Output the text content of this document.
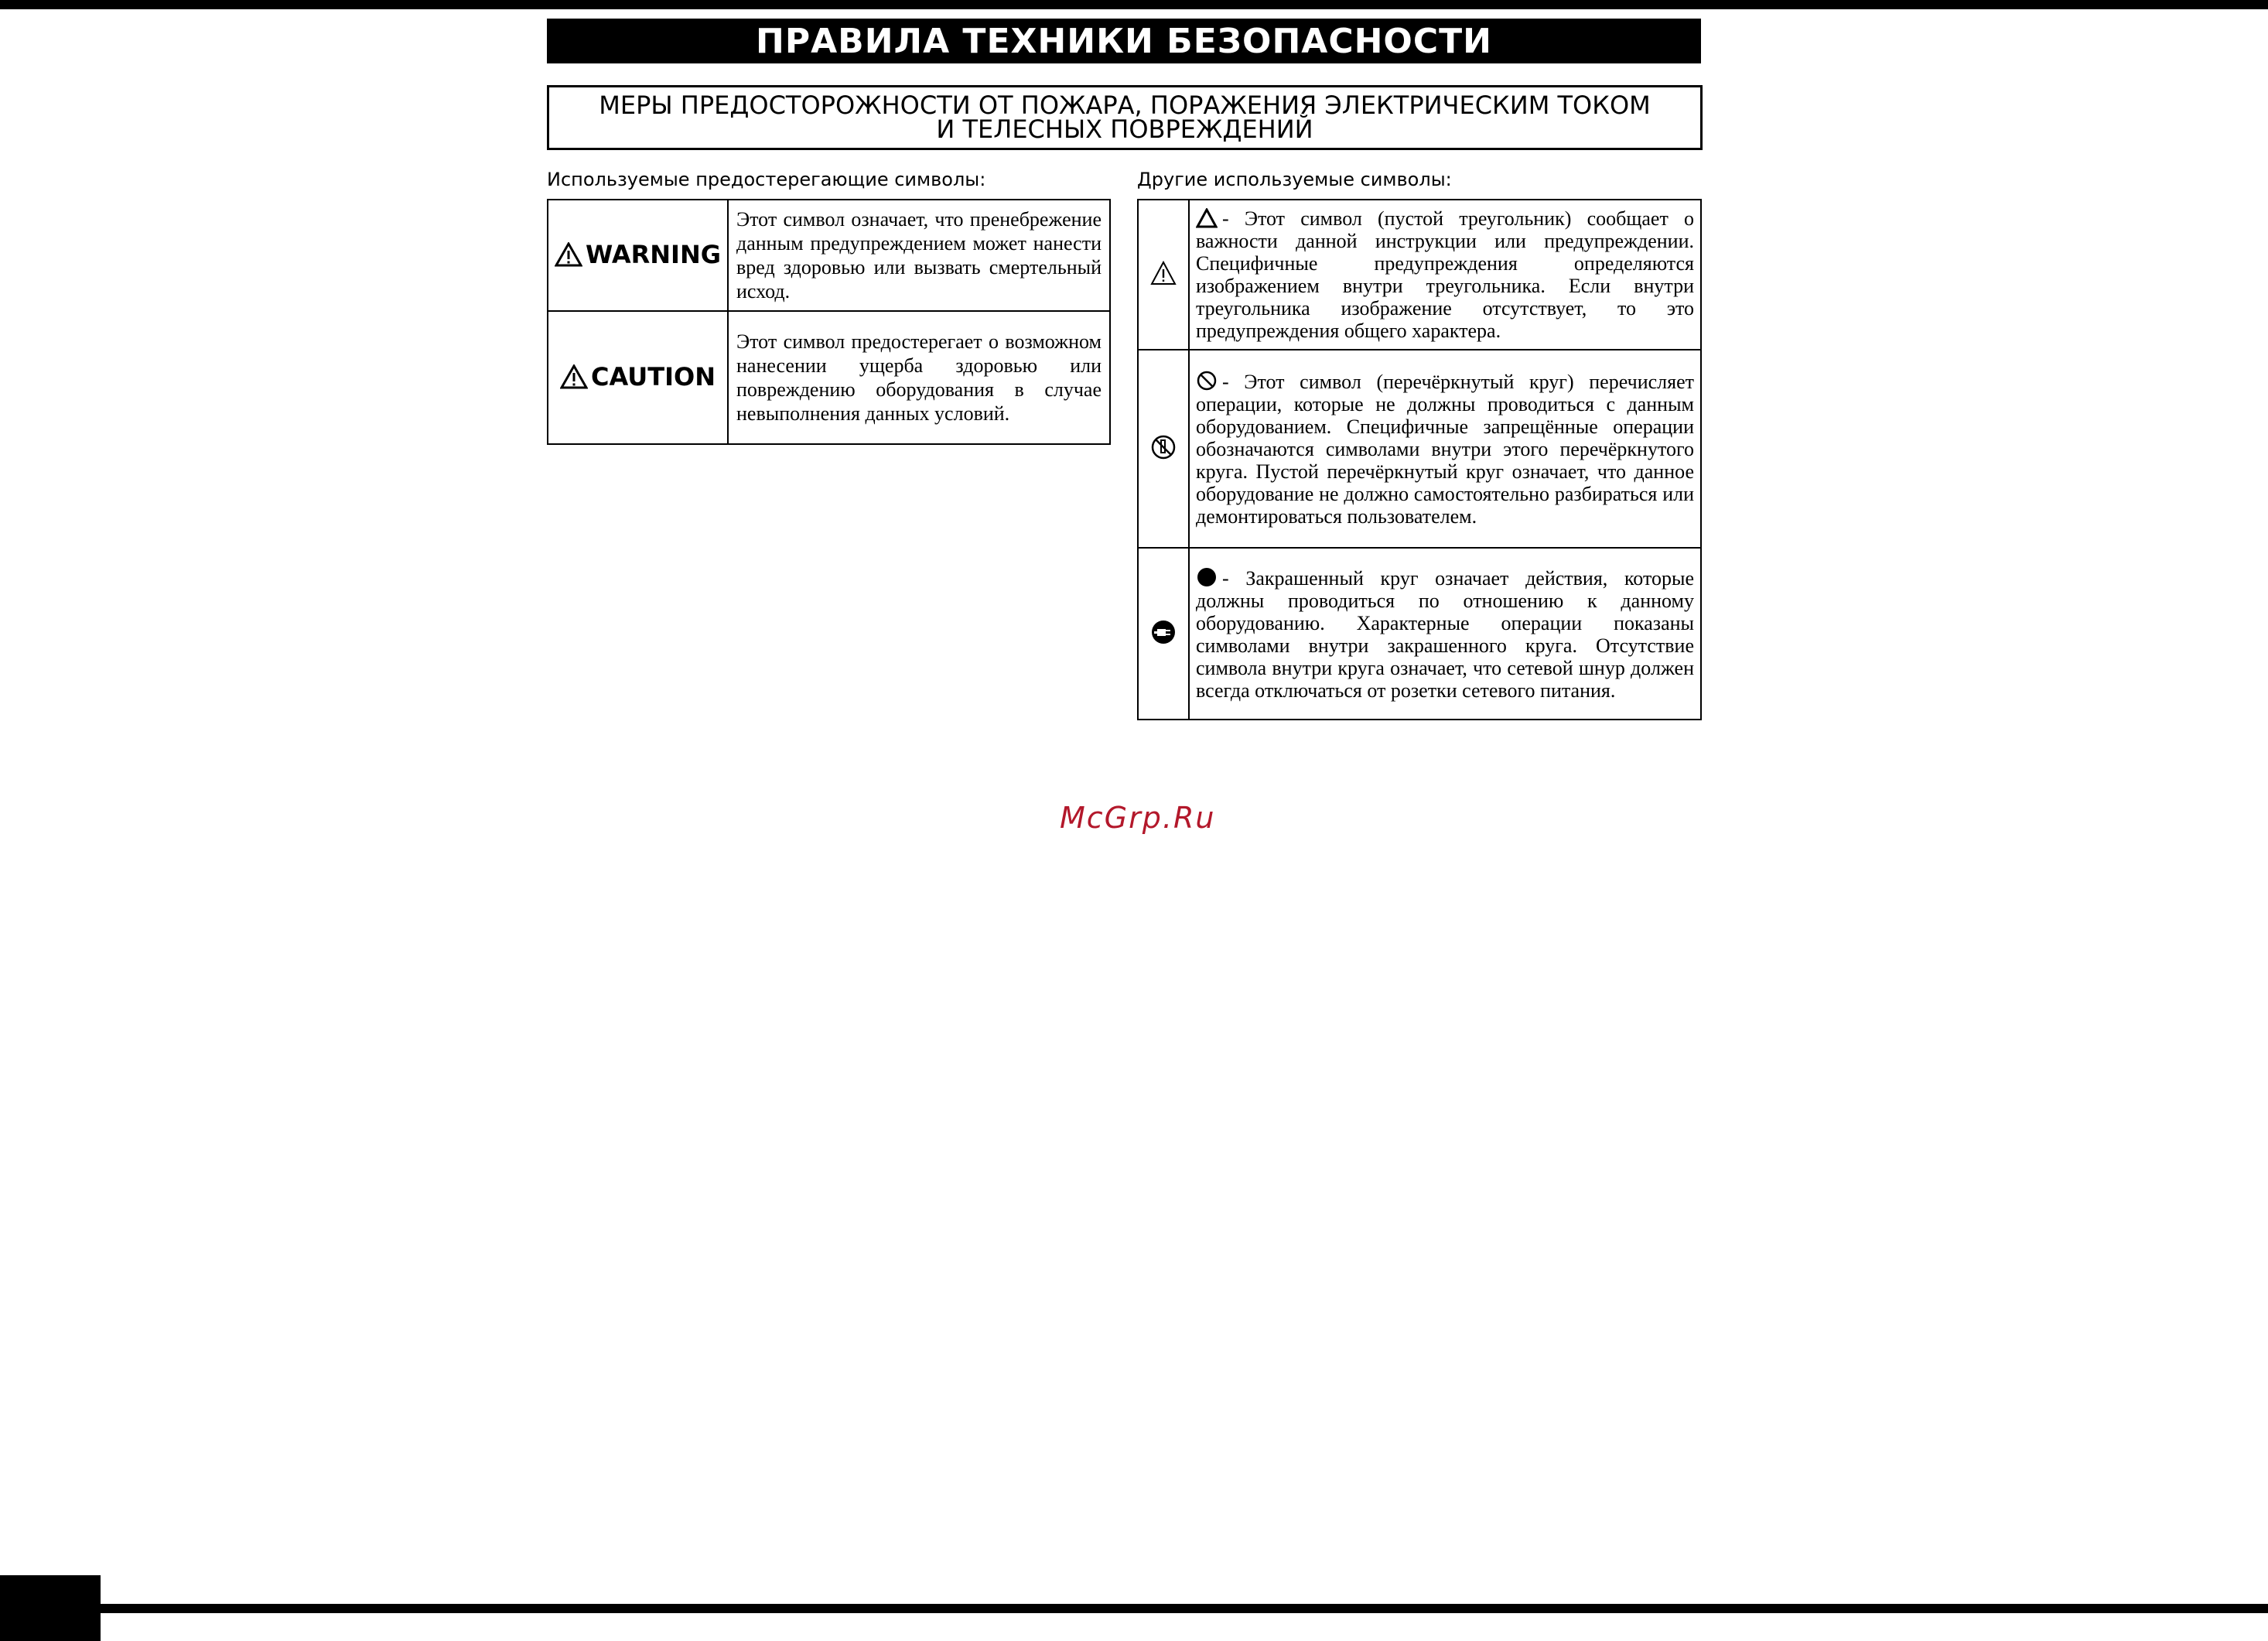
ПРАВИЛА ТЕХНИКИ БЕЗОПАСНОСТИ
МЕРЫ ПРЕДОСТОРОЖНОСТИ ОТ ПОЖАРА, ПОРАЖЕНИЯ ЭЛЕКТРИЧЕСКИМ ТОКОМ
И ТЕЛЕСНЫХ ПОВРЕЖДЕНИЙ
Используемые предостерегающие символы:	Другие используемые символы:
WARNING	Этот символ означает, что пренебрежение данным предупреждением может нанести вред здоровью или вызвать смертельный исход.

CAUTION	Этот символ предостерегает о возможном нанесении ущерба здоровью или повреждению оборудования в случае невыполнения данных условий.
	- Этот символ (пустой треугольник) сообщает о важности данной инструкции или предупреждении. Специфичные предупреждения определяются изображением внутри треугольника. Если внутри треугольника изображение отсутствует, то это предупреждения общего характера.
	- Этот символ (перечёркнутый круг) перечисляет операции, которые не должны проводиться с данным оборудованием. Специфичные запрещённые операции обозначаются символами внутри этого перечёркнутого круга. Пустой перечёркнутый круг означает, что данное оборудование не должно самостоятельно разбираться или демонтироваться пользователем.
	- Закрашенный круг означает действия, которые должны проводиться по отношению к данному оборудованию. Характерные операции показаны символами внутри закрашенного круга. Отсутствие символа внутри круга означает, что сетевой шнур должен всегда отключаться от розетки сетевого питания.
McGrp.Ru
